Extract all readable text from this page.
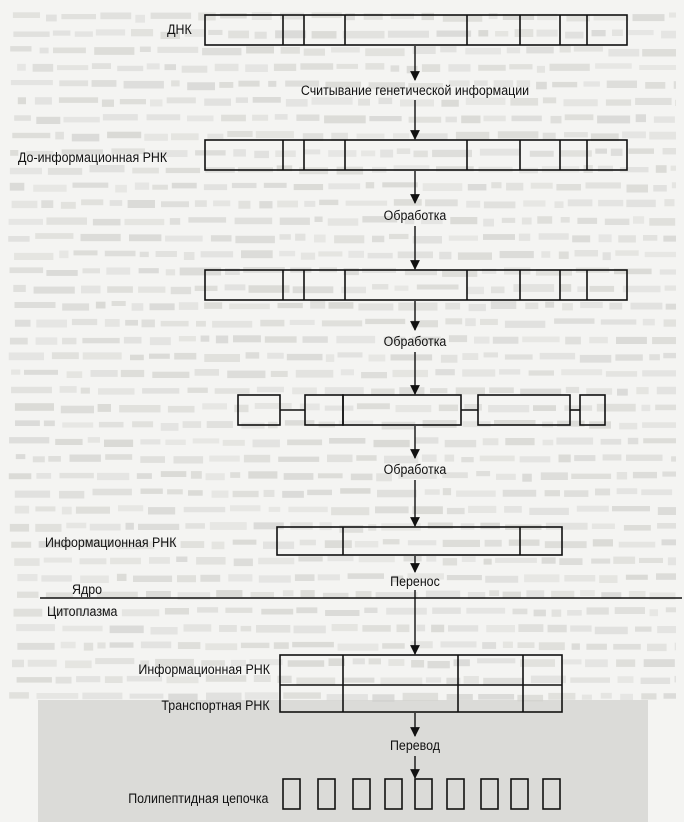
ДНК
Считывание генетической информации
До-информационная РНК
Обработка
Обработка
Обработка
Информационная РНК
Перенос
Ядро
Цитоплазма
Информационная РНК
Транспортная РНК
Перевод
Полипептидная цепочка
